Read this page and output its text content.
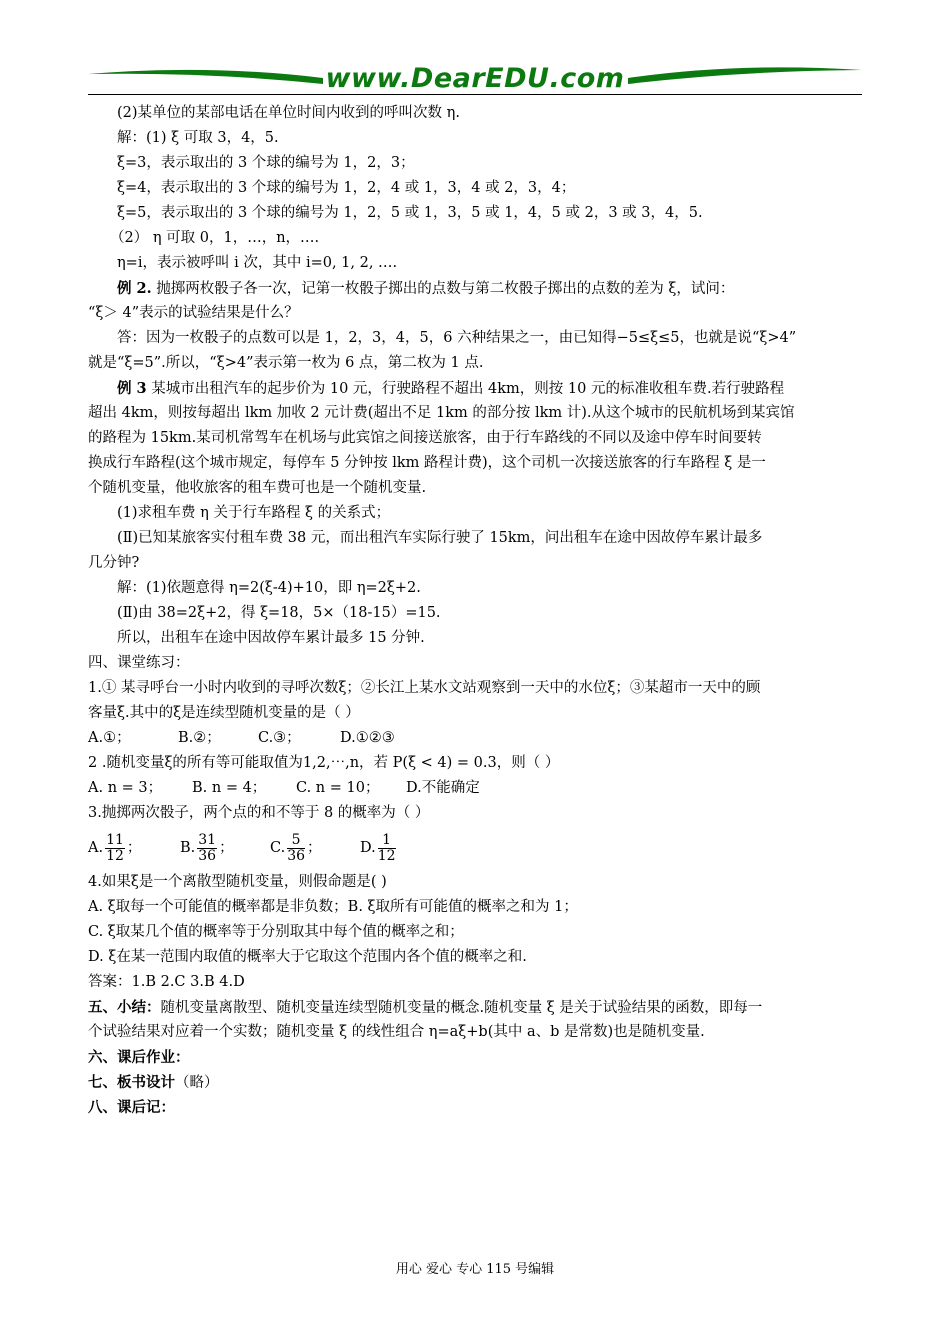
www.DearEDU.com
(2)某单位的某部电话在单位时间内收到的呼叫次数 η.
解：(1) ξ 可取 3，4，5.
ξ=3，表示取出的 3 个球的编号为 1，2，3；
ξ=4，表示取出的 3 个球的编号为 1，2，4 或 1，3，4 或 2，3，4；
ξ=5，表示取出的 3 个球的编号为 1，2，5 或 1，3，5 或 1，4，5 或 2，3 或 3，4，5.
（2） η 可取 0，1，…，n，….
η=i，表示被呼叫 i 次，其中 i=0, 1, 2, ….
例 2. 抛掷两枚骰子各一次，记第一枚骰子掷出的点数与第二枚骰子掷出的点数的差为 ξ，试问：
“ξ＞ 4”表示的试验结果是什么？
答：因为一枚骰子的点数可以是 1，2，3，4，5，6 六种结果之一，由已知得−5≤ξ≤5，也就是说“ξ>4”
就是“ξ=5”.所以，“ξ>4”表示第一枚为 6 点，第二枚为 1 点.
例 3 某城市出租汽车的起步价为 10 元，行驶路程不超出 4km，则按 10 元的标准收租车费.若行驶路程
超出 4km，则按每超出 lkm 加收 2 元计费(超出不足 1km 的部分按 lkm 计).从这个城市的民航机场到某宾馆
的路程为 15km.某司机常驾车在机场与此宾馆之间接送旅客，由于行车路线的不同以及途中停车时间要转
换成行车路程(这个城市规定，每停车 5 分钟按 lkm 路程计费)，这个司机一次接送旅客的行车路程 ξ 是一
个随机变量，他收旅客的租车费可也是一个随机变量.
(1)求租车费 η 关于行车路程 ξ 的关系式；
(Ⅱ)已知某旅客实付租车费 38 元，而出租汽车实际行驶了 15km，问出租车在途中因故停车累计最多
几分钟?
解：(1)依题意得 η=2(ξ-4)+10，即 η=2ξ+2.
(Ⅱ)由 38=2ξ+2，得 ξ=18，5×（18-15）=15.
所以，出租车在途中因故停车累计最多 15 分钟.
四、课堂练习：
1.① 某寻呼台一小时内收到的寻呼次数ξ；②长江上某水文站观察到一天中的水位ξ；③某超市一天中的顾
客量ξ.其中的ξ是连续型随机变量的是（ ）
A.①；	B.②；	C.③；	D.①②③
2 .随机变量ξ的所有等可能取值为1,2,⋯,n，若 P(ξ < 4) = 0.3，则（ ）
A. n = 3； B. n = 4； C. n = 10； D.不能确定
3.抛掷两次骰子，两个点的和不等于 8 的概率为（ ）
A. $\frac{11}{12}$ ；	B. $\frac{31}{36}$ ；	C. $\frac{5}{36}$ ；	D. $\frac{1}{12}$
4.如果ξ是一个离散型随机变量，则假命题是( )
A. ξ取每一个可能值的概率都是非负数；B. ξ取所有可能值的概率之和为 1；
C. ξ取某几个值的概率等于分别取其中每个值的概率之和；
D. ξ在某一范围内取值的概率大于它取这个范围内各个值的概率之和.
答案：1.B 2.C 3.B 4.D
五、小结：随机变量离散型、随机变量连续型随机变量的概念.随机变量 ξ 是关于试验结果的函数，即每一
个试验结果对应着一个实数；随机变量 ξ 的线性组合 η=aξ+b(其中 a、b 是常数)也是随机变量.
六、课后作业：
七、板书设计（略）
八、课后记：
用心 爱心 专心 115 号编辑
